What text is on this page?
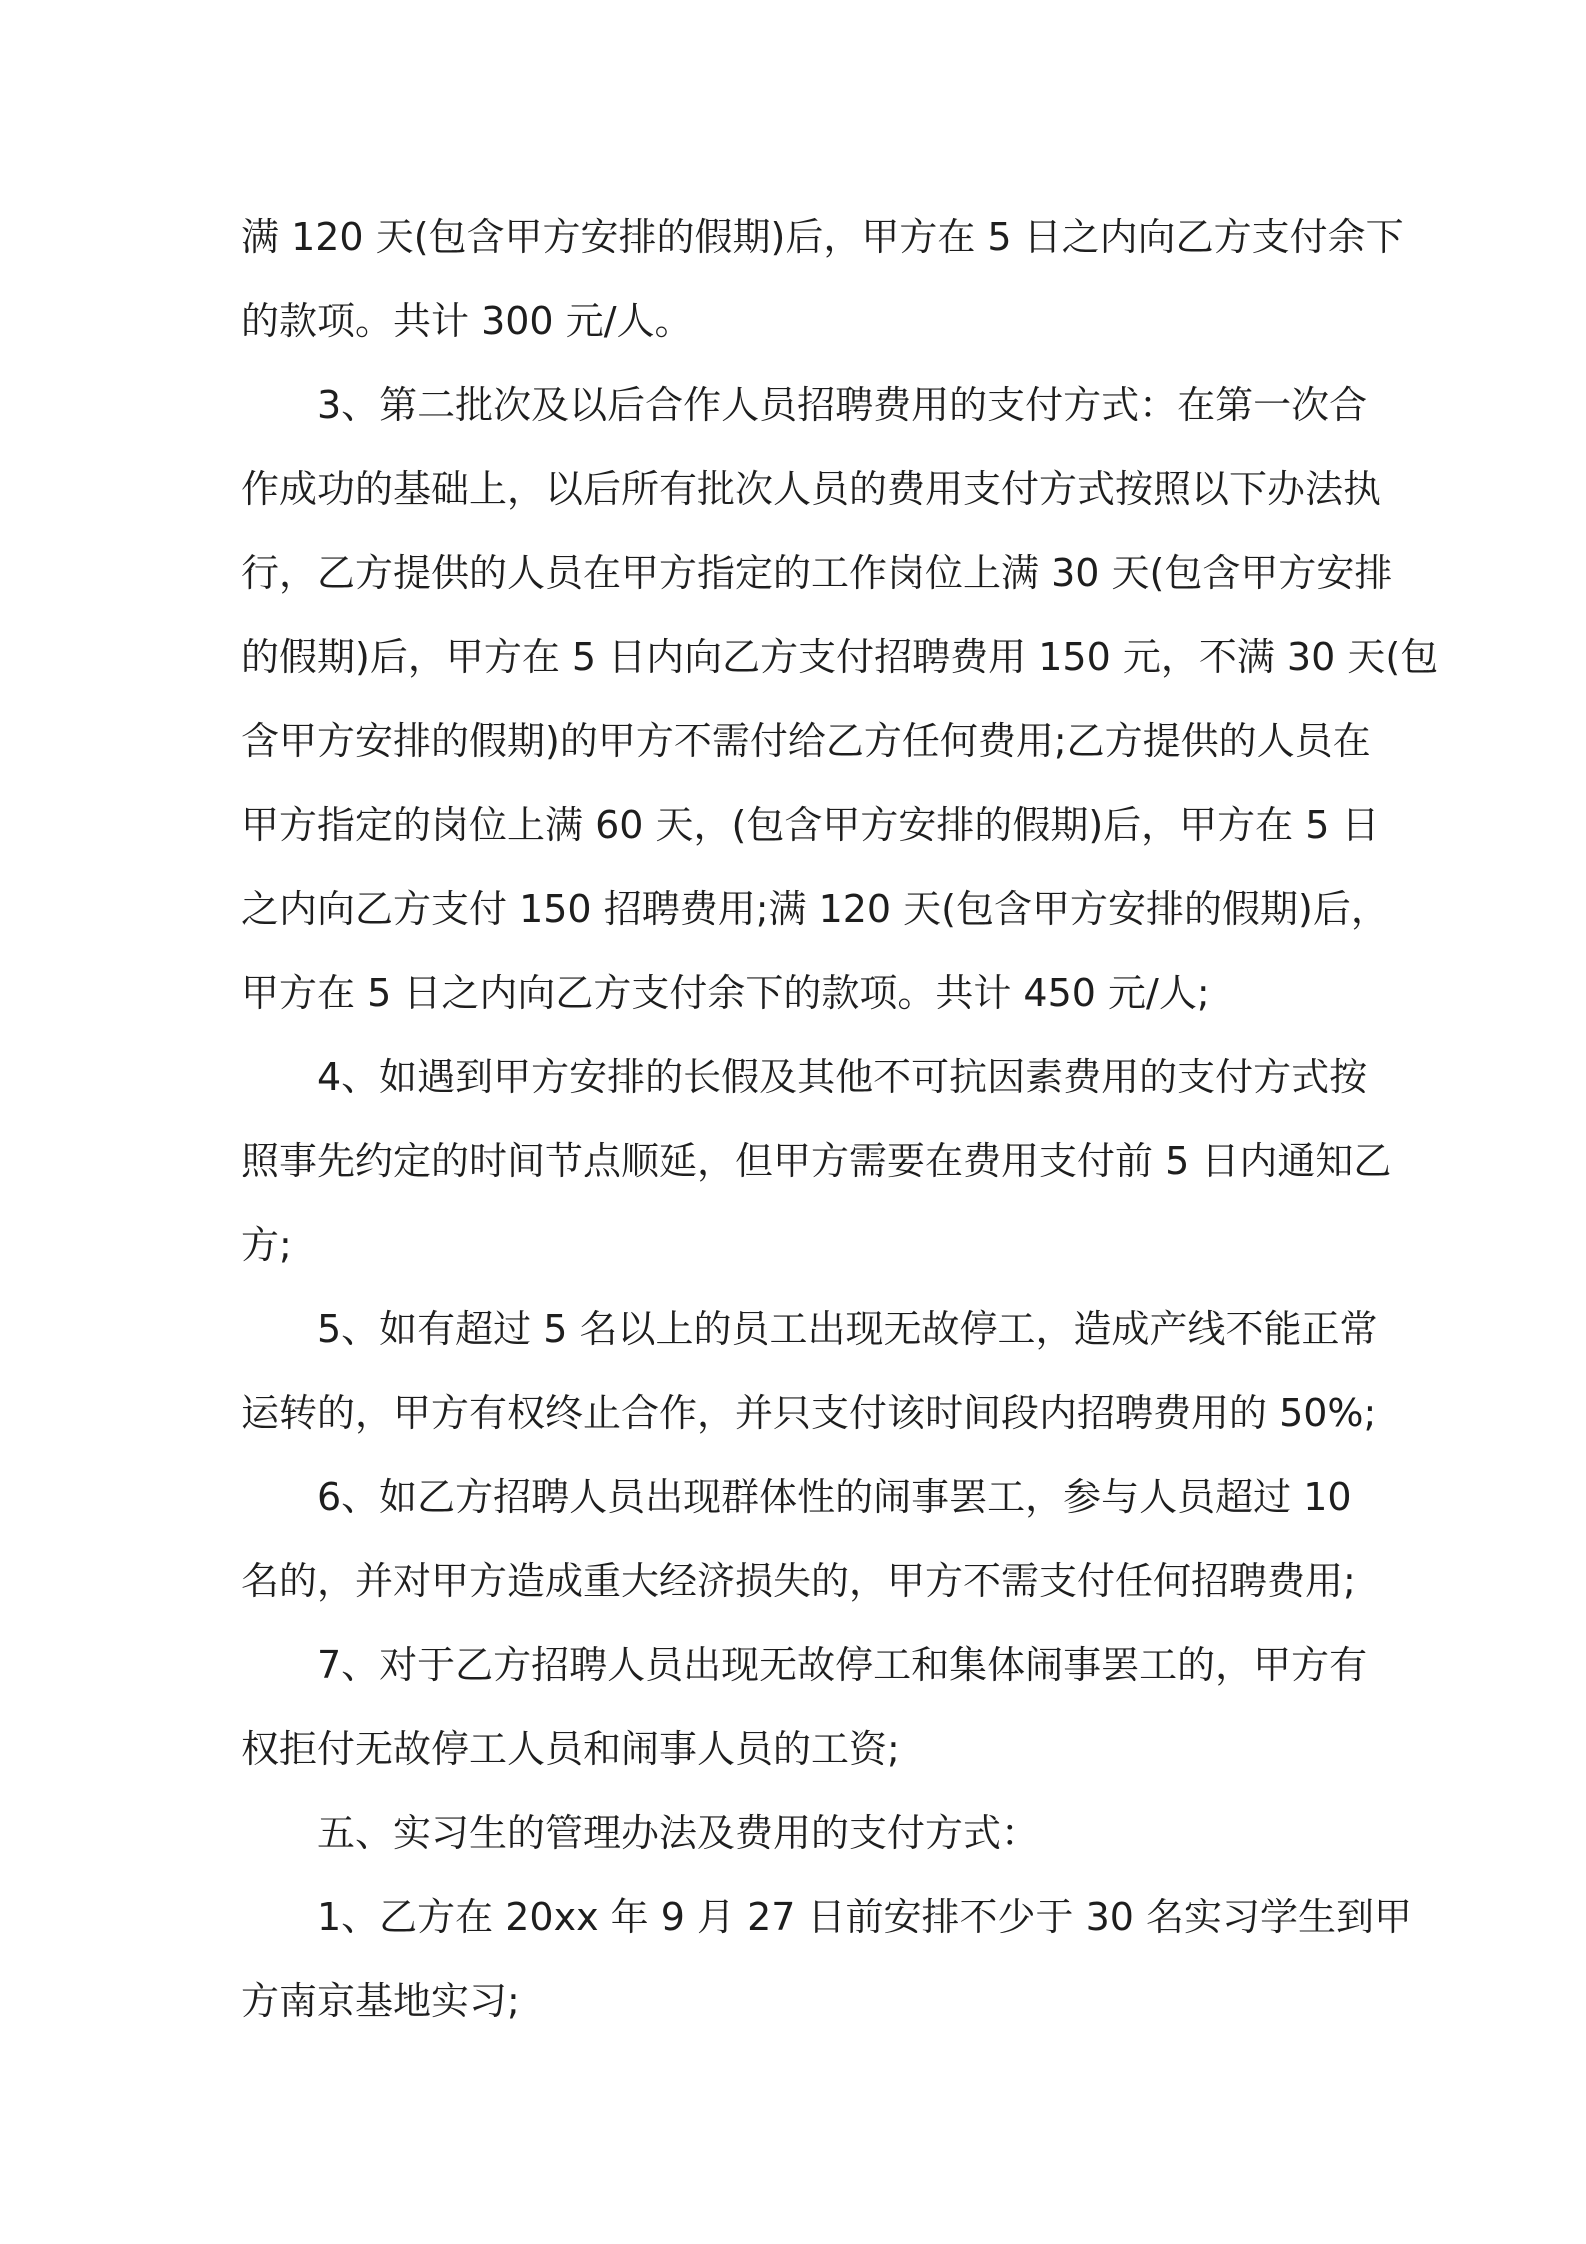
满 120 天(包含甲方安排的假期)后，甲方在 5 日之内向乙方支付余下
的款项。共计 300 元/人。
3、第二批次及以后合作人员招聘费用的支付方式：在第一次合
作成功的基础上，以后所有批次人员的费用支付方式按照以下办法执
行，乙方提供的人员在甲方指定的工作岗位上满 30 天(包含甲方安排
的假期)后，甲方在 5 日内向乙方支付招聘费用 150 元，不满 30 天(包
含甲方安排的假期)的甲方不需付给乙方任何费用;乙方提供的人员在
甲方指定的岗位上满 60 天，(包含甲方安排的假期)后，甲方在 5 日
之内向乙方支付 150 招聘费用;满 120 天(包含甲方安排的假期)后，
甲方在 5 日之内向乙方支付余下的款项。共计 450 元/人;
4、如遇到甲方安排的长假及其他不可抗因素费用的支付方式按
照事先约定的时间节点顺延，但甲方需要在费用支付前 5 日内通知乙
方;
5、如有超过 5 名以上的员工出现无故停工，造成产线不能正常
运转的，甲方有权终止合作，并只支付该时间段内招聘费用的 50%;
6、如乙方招聘人员出现群体性的闹事罢工，参与人员超过 10
名的，并对甲方造成重大经济损失的，甲方不需支付任何招聘费用;
7、对于乙方招聘人员出现无故停工和集体闹事罢工的，甲方有
权拒付无故停工人员和闹事人员的工资;
五、实习生的管理办法及费用的支付方式：
1、乙方在 20xx 年 9 月 27 日前安排不少于 30 名实习学生到甲
方南京基地实习;
